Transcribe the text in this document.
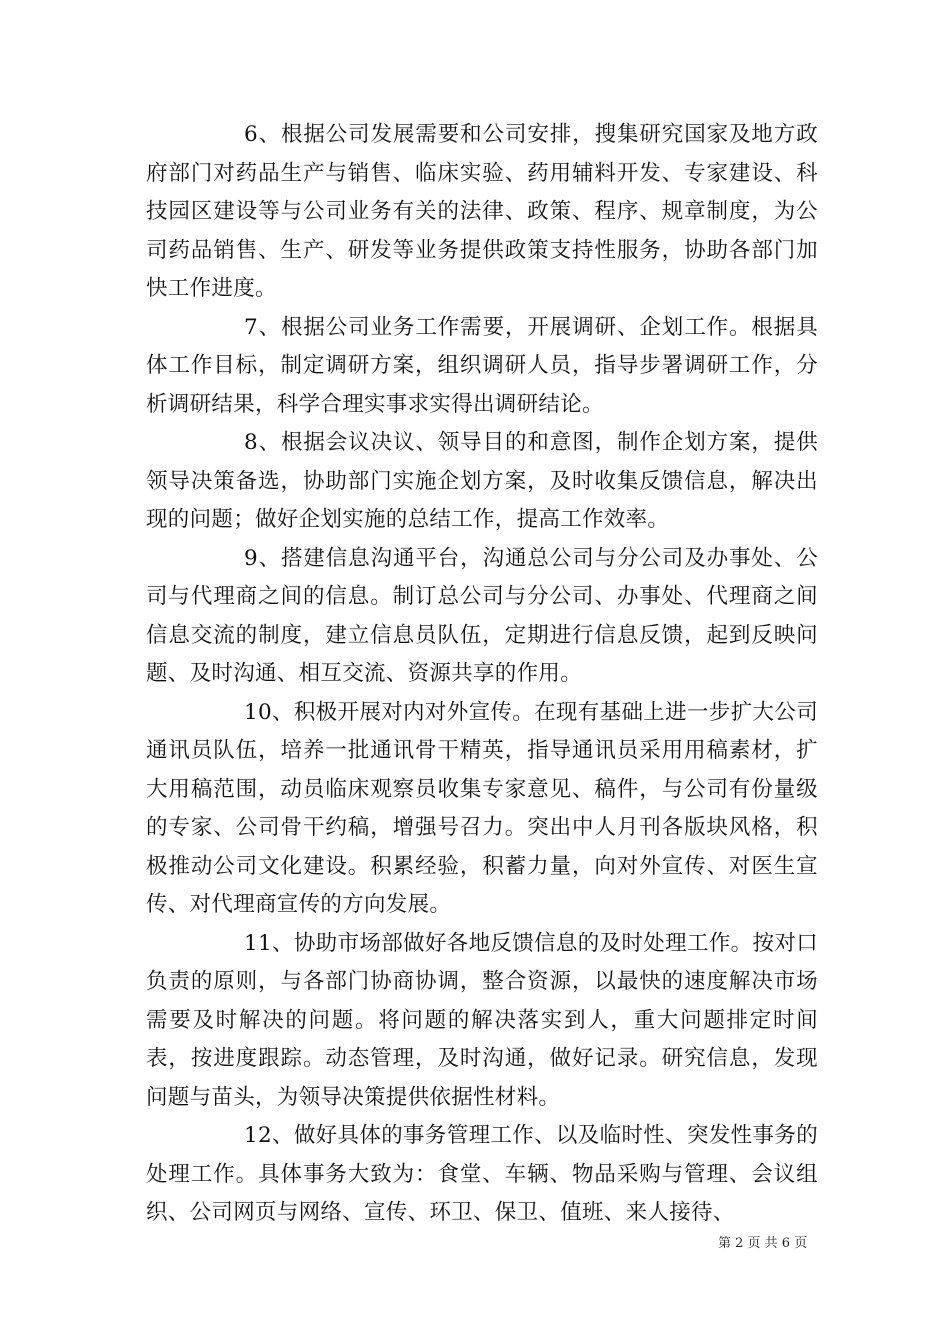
6、根据公司发展需要和公司安排，搜集研究国家及地方政府部门对药品生产与销售、临床实验、药用辅料开发、专家建设、科技园区建设等与公司业务有关的法律、政策、程序、规章制度，为公司药品销售、生产、研发等业务提供政策支持性服务，协助各部门加快工作进度。

7、根据公司业务工作需要，开展调研、企划工作。根据具体工作目标，制定调研方案，组织调研人员，指导步署调研工作，分析调研结果，科学合理实事求实得出调研结论。

8、根据会议决议、领导目的和意图，制作企划方案，提供领导决策备选，协助部门实施企划方案，及时收集反馈信息，解决出现的问题；做好企划实施的总结工作，提高工作效率。

9、搭建信息沟通平台，沟通总公司与分公司及办事处、公司与代理商之间的信息。制订总公司与分公司、办事处、代理商之间信息交流的制度，建立信息员队伍，定期进行信息反馈，起到反映问题、及时沟通、相互交流、资源共享的作用。

10、积极开展对内对外宣传。在现有基础上进一步扩大公司通讯员队伍，培养一批通讯骨干精英，指导通讯员采用用稿素材，扩大用稿范围，动员临床观察员收集专家意见、稿件，与公司有份量级的专家、公司骨干约稿，增强号召力。突出中人月刊各版块风格，积极推动公司文化建设。积累经验，积蓄力量，向对外宣传、对医生宣传、对代理商宣传的方向发展。

11、协助市场部做好各地反馈信息的及时处理工作。按对口负责的原则，与各部门协商协调，整合资源，以最快的速度解决市场需要及时解决的问题。将问题的解决落实到人，重大问题排定时间表，按进度跟踪。动态管理，及时沟通，做好记录。研究信息，发现问题与苗头，为领导决策提供依据性材料。

12、做好具体的事务管理工作、以及临时性、突发性事务的处理工作。具体事务大致为：食堂、车辆、物品采购与管理、会议组织、公司网页与网络、宣传、环卫、保卫、值班、来人接待、

第 2 页 共 6 页
